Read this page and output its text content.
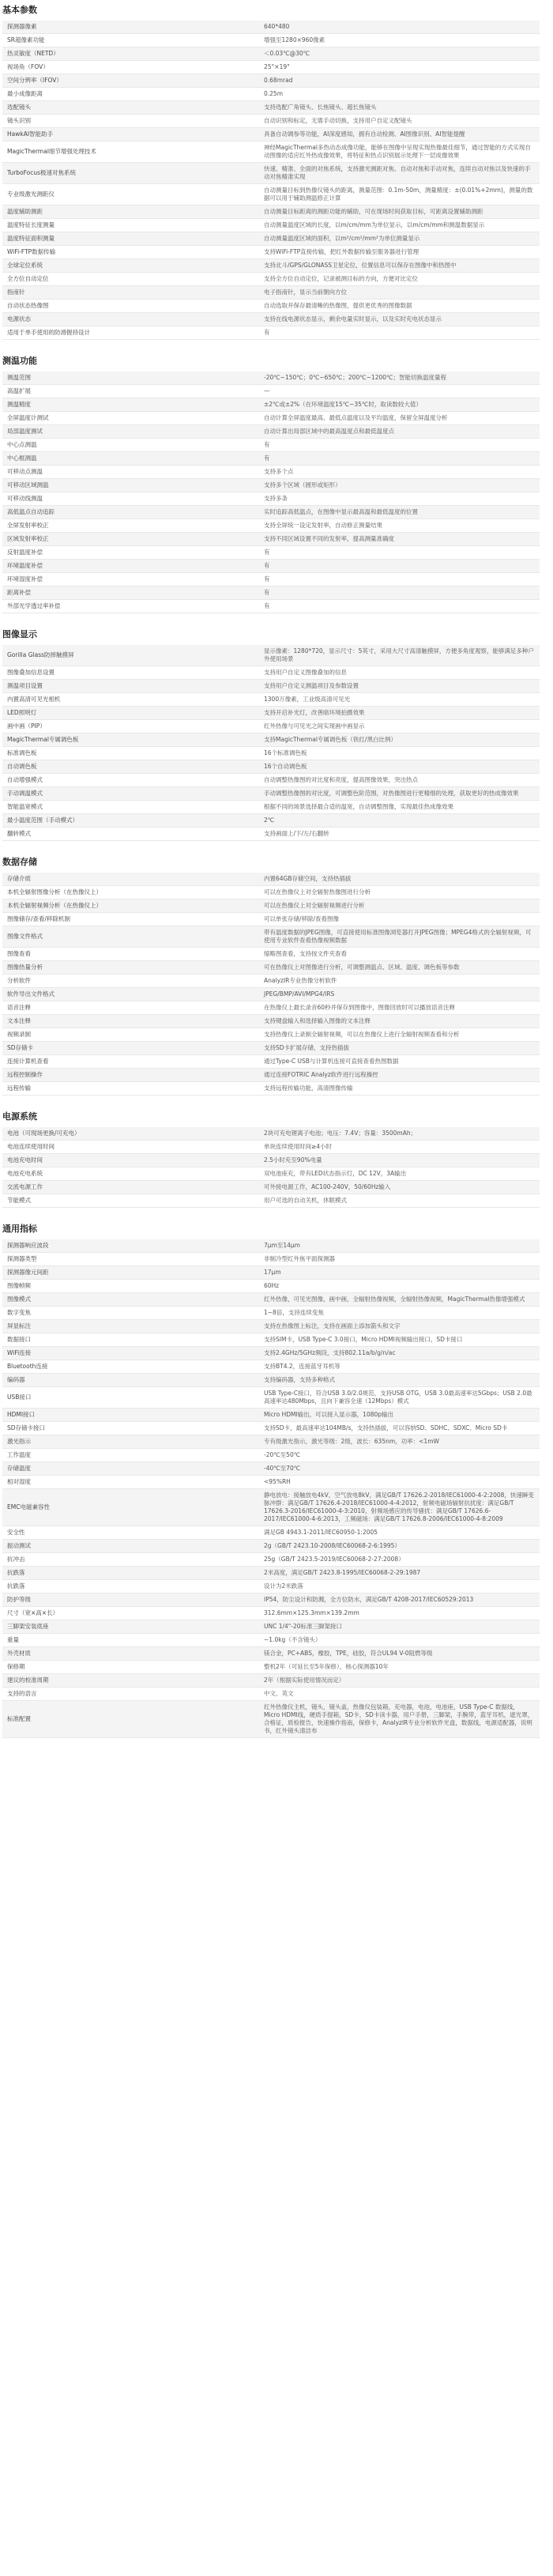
基本参数
探测器像素	640*480
SR超像素功能	增强至1280×960像素
热灵敏度（NETD）	＜0.03℃@30℃
视场角（FOV）	25°×19°
空间分辨率（IFOV）	0.68mrad
最小成像距离	0.25m
选配镜头	支持选配广角镜头、长焦镜头、超长焦镜头
镜头识别	自动识别和标定，无需手动切换，支持用户自定义配镜头
HawkAI智能助手	具备自动调参等功能，AI深度感知，拥有自动检测、AI图像识别、AI智能提醒
MagicThermal细节增强处理技术	神经MagicThermal多热动态成像功能，能够在图像中呈现实现热像最佳细节，通过智能的方式实现自动图像的适应红外热成像效果，将特征和热点识别展示处理下一层成像效果
TurboFocus极速对焦系统	快速、精准、全面的对焦系统，支持激光测距对焦、自动对焦和手动对焦，连续自动对焦以及快速的手动对焦精准实现
专业级激光测距仪	自动测量目标到热像仪镜头的距离，测量范围：0.1m-50m，测量精度：±(0.01%+2mm)，测量的数据可以用于辅助测温修正计算
温度辅助测距	自动测量目标距离的测距功能的辅助，可在现场时间获取目标，可距离设置辅助测距
温度特征长度测量	自动测量温度区域的长度，以m/cm/mm为单位显示，以m/cm/mm和测温数据显示
温度特征面积测量	自动测量温度区域的面积，以m²/cm²/mm²为单位测量显示
WiFi-FTP数据传输	支持WiFi-FTP直接传输，把红外数据传输至服务器进行管理
全球定位系统	支持北斗/GPS/GLONASS卫星定位，位置信息可以保存在图像中和热图中
全方位自动定位	支持全方位自动定位，记录被测目标的方向，方便对比定位
指南针	电子指南针，显示当前朝向方位
自动状态热像图	自动选取并保存最清晰的热像图，提供更优秀的图像数据
电源状态	支持在线电源状态显示，剩余电量实时显示，以及实时充电状态显示
适用于单手使用的防滑握持设计	有
测温功能
测温范围	-20℃~150℃；0℃~650℃；200℃~1200℃；智能切换温度量程
高温扩展	—
测温精度	±2℃或±2%（在环境温度15℃~35℃时，取读数较大值）
全屏温度计测试	自动计算全屏温度最高、最低点温度以及平均温度，保留全屏温度分析
局部温度测试	自动计算出局部区域中的最高温度点和最低温度点
中心点测温	有
中心框测温	有
可移动点测温	支持多个点
可移动区域测温	支持多个区域（圆形或矩形）
可移动线测温	支持多条
高低温点自动追踪	实时追踪高低温点，在图像中显示最高温和最低温度的位置
全屏发射率校正	支持全屏统一设定发射率，自动修正测量结果
区域发射率校正	支持不同区域设置不同的发射率，提高测量准确度
反射温度补偿	有
环境温度补偿	有
环境湿度补偿	有
距离补偿	有
外部光学透过率补偿	有
图像显示
Gorilla Glass防摔触摸屏	显示像素：1280*720，显示尺寸：5英寸，采用大尺寸高清触摸屏，方便多角度观察，能够满足多种户外使用场景
图像叠加信息设置	支持用户自定义图像叠加的信息
测温项目设置	支持用户自定义测温项目及参数设置
内置高清可见光相机	1300万像素，工业级高清可见光
LED照明灯	支持开启补光灯，改善暗环境拍摄效果
画中画（PIP）	红外热像与可见光之间实现画中画显示
MagicThermal专属调色板	支持MagicThermal专属调色板（铁红/黑白比例）
标准调色板	16个标准调色板
自动调色板	16个自动调色板
自动增强模式	自动调整热像图的对比度和亮度，提高图像效果，突出热点
手动调温模式	手动调整热像图的对比度，可调整色阶范围，对热像图进行更精细的处理，获取更好的热成像效果
智能温宽模式	根据不同的场景选择最合适的温宽，自动调整图像，实现最佳热成像效果
最小温度范围（手动模式）	2℃
翻转模式	支持画面上/下/左/右翻转
数据存储
存储介质	内置64GB存储空间，支持热插拔
本机全辐射图像分析（在热像仪上）	可以在热像仪上对全辐射热像图进行分析
本机全辐射视频分析（在热像仪上）	可以在热像仪上对全辐射视频进行分析
图像储存/查看/移除机制	可以单张存储/移除/查看图像
图像文件格式	带有温度数据的JPEG图像，可直接使用标准图像浏览器打开JPEG图像；MPEG4格式的全辐射视频，可使用专业软件查看热像视频数据
图像查看	缩略图查看，支持按文件夹查看
图像热量分析	可在热像仪上对图像进行分析，可调整测温点、区域、温度、调色板等参数
分析软件	AnalyzIR专业热像分析软件
软件导出文件格式	JPEG/BMP/AVI/MPG4/IRS
语音注释	在热像仪上最长录音60秒并保存到图像中，图像回放时可以播放语音注释
文本注释	支持键盘输入和选择输入图像的文本注释
视频录制	支持热像仪上录制全辐射视频，可以在热像仪上进行全辐射视频查看和分析
SD存储卡	支持SD卡扩展存储，支持热插拔
连接计算机查看	通过Type-C USB与计算机连接可直接查看热图数据
远程控制操作	通过连接FOTRIC Analyz软件进行远程操控
远程传输	支持远程传输功能，高清图像传输
电源系统
电池（可现场更换/可充电）	2块可充电锂离子电池；电压：7.4V；容量：3500mAh；
电池连续使用时间	单块连续使用时间≥4小时
电池充电时间	2.5小时充至90%电量
电池充电系统	双电池座充，带有LED状态指示灯，DC 12V，3A输出
交流电源工作	可外接电源工作，AC100-240V，50/60Hz输入
节能模式	用户可选的自动关机，休眠模式
通用指标
探测器响应波段	7μm至14μm
探测器类型	非制冷型红外焦平面探测器
探测器像元间距	17μm
图像帧频	60Hz
图像模式	红外热像，可见光图像，画中画，全辐射热像视频，全辐射热像视频，MagicThermal热像增强模式
数字变焦	1~8倍，支持连续变焦
屏显标注	支持在热像图上标注，支持在画面上添加箭头和文字
数据接口	支持SIM卡，USB Type-C 3.0接口，Micro HDMI视频输出接口，SD卡接口
WiFi连接	支持2.4GHz/5GHz频段，支持802.11a/b/g/n/ac
Bluetooth连接	支持BT4.2，连接蓝牙耳机等
编码器	支持编码器，支持多种格式
USB接口	USB Type-C接口，符合USB 3.0/2.0规范，支持USB OTG，USB 3.0最高速率达5Gbps；USB 2.0最高速率达480Mbps，且向下兼容全速（12Mbps）模式
HDMI接口	Micro HDMI输出，可以接入显示器，1080p输出
SD存储卡接口	支持SD卡，最高速率达104MB/s，支持热插拔，可以容纳SD、SDHC、SDXC、Micro SD卡
激光指示	专有级激光指示，激光等级：2级，波长：635nm，功率：<1mW
工作温度	-20℃至50℃
存储温度	-40℃至70℃
相对湿度	<95%RH
EMC电磁兼容性	静电放电：接触放电4kV，空气放电8kV，满足GB/T 17626.2-2018/IEC61000-4-2:2008，快速瞬变脉冲群：满足GB/T 17626.4-2018/IEC61000-4-4:2012，射频电磁场辐射抗扰度：满足GB/T 17626.3-2016/IEC61000-4-3:2010，射频场感应的传导骚扰：满足GB/T 17626.6-2017/IEC61000-4-6:2013，工频磁场：满足GB/T 17626.8-2006/IEC61000-4-8:2009
安全性	满足GB 4943.1-2011/IEC60950-1:2005
振动测试	2g（GB/T 2423.10-2008/IEC60068-2-6:1995）
抗冲击	25g（GB/T 2423.5-2019/IEC60068-2-27:2008）
抗跌落	2米高度，满足GB/T 2423.8-1995/IEC60068-2-29:1987
抗跌落	设计为2米跌落
防护等级	IP54，防尘设计和防溅，全方位防水，满足GB/T 4208-2017/IEC60529:2013
尺寸（宽×高×长）	312.6mm×125.3mm×139.2mm
三脚架安装底座	UNC 1/4"-20标准三脚架接口
重量	~1.0kg（不含镜头）
外壳材质	镁合金，PC+ABS，橡胶，TPE，硅胶，符合UL94 V-0阻燃等级
保修期	整机2年（可延长至5年保修），核心探测器10年
建议的校准周期	2年（根据实际使用情况而定）
支持的语言	中文、英文
标准配置	红外热像仪主机，镜头，镜头盖，热像仪包装箱，充电器，电池，电池座，USB Type-C 数据线，Micro HDMI线，硬质手提箱，SD卡，SD卡读卡器，用户手册，三脚架，手腕带，蓝牙耳机，遮光罩，合格证，质检报告，快速操作指南，保修卡，AnalyzIR专业分析软件光盘，数据线，电源适配器，说明书，红外镜头清洁布
